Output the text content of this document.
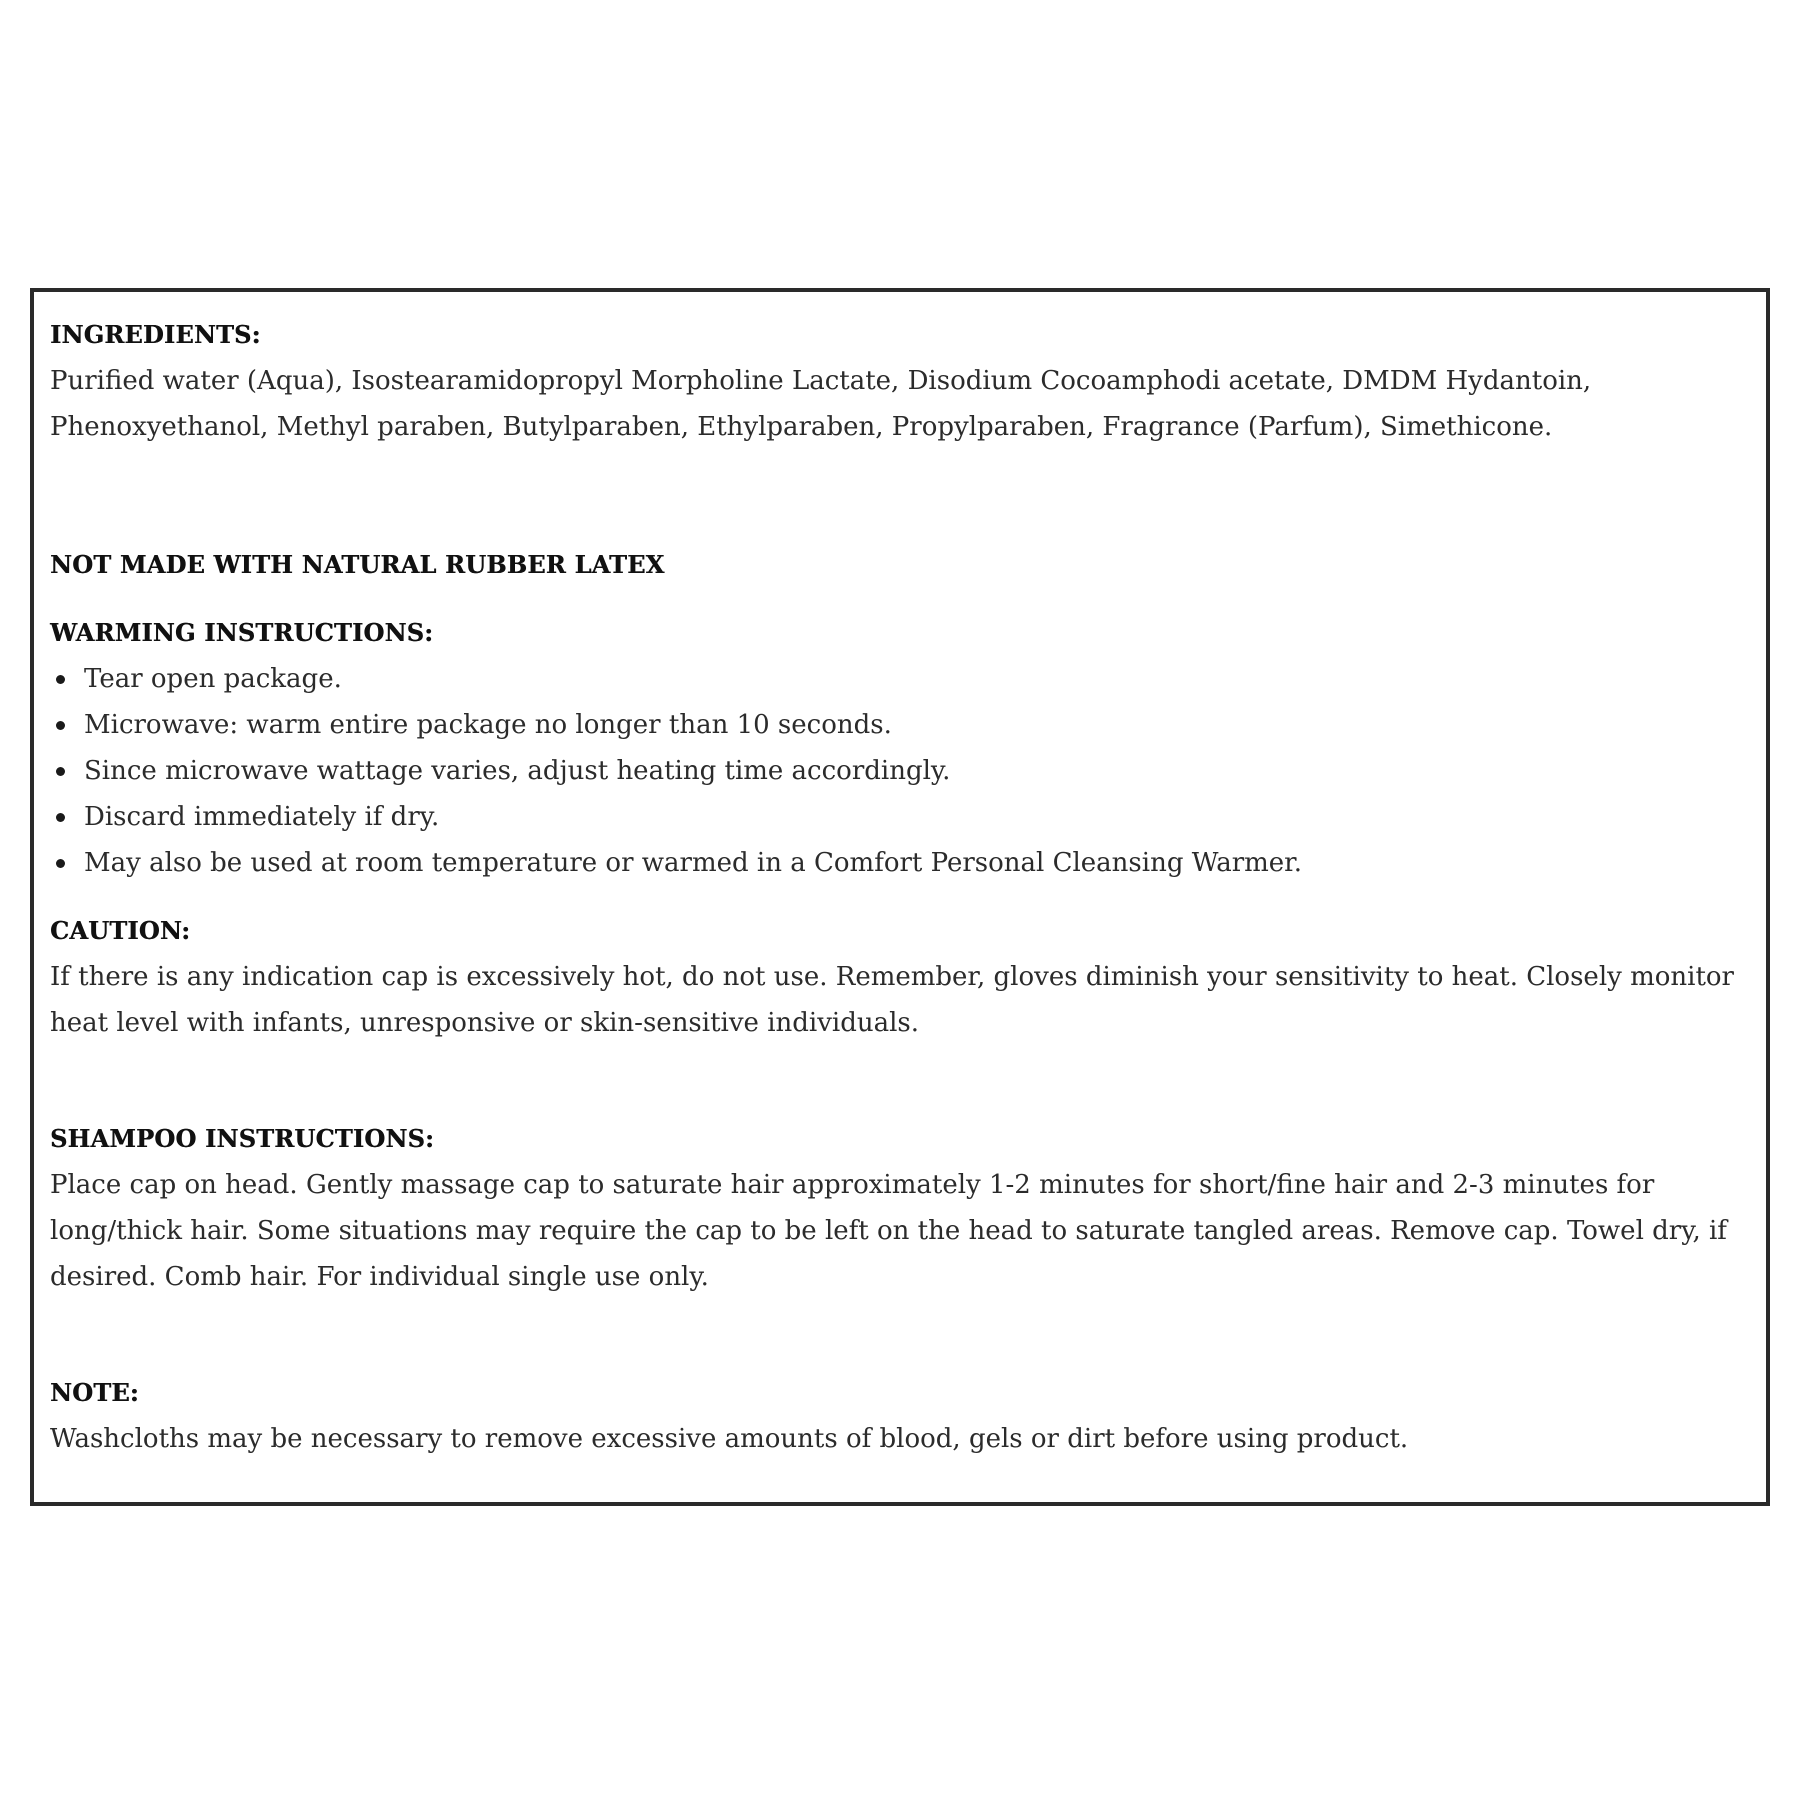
INGREDIENTS:

Purified water (Aqua), Isostearamidopropyl Morpholine Lactate, Disodium Cocoamphodi acetate, DMDM Hydantoin, Phenoxyethanol, Methyl paraben, Butylparaben, Ethylparaben, Propylparaben, Fragrance (Parfum), Simethicone.

NOT MADE WITH NATURAL RUBBER LATEX

WARMING INSTRUCTIONS:

Tear open package.
Microwave: warm entire package no longer than 10 seconds.
Since microwave wattage varies, adjust heating time accordingly.
Discard immediately if dry.
May also be used at room temperature or warmed in a Comfort Personal Cleansing Warmer.

CAUTION:

If there is any indication cap is excessively hot, do not use. Remember, gloves diminish your sensitivity to heat. Closely monitor heat level with infants, unresponsive or skin-sensitive individuals.

SHAMPOO INSTRUCTIONS:

Place cap on head. Gently massage cap to saturate hair approximately 1-2 minutes for short/fine hair and 2-3 minutes for long/thick hair. Some situations may require the cap to be left on the head to saturate tangled areas. Remove cap. Towel dry, if desired. Comb hair. For individual single use only.

NOTE:

Washcloths may be necessary to remove excessive amounts of blood, gels or dirt before using product.
